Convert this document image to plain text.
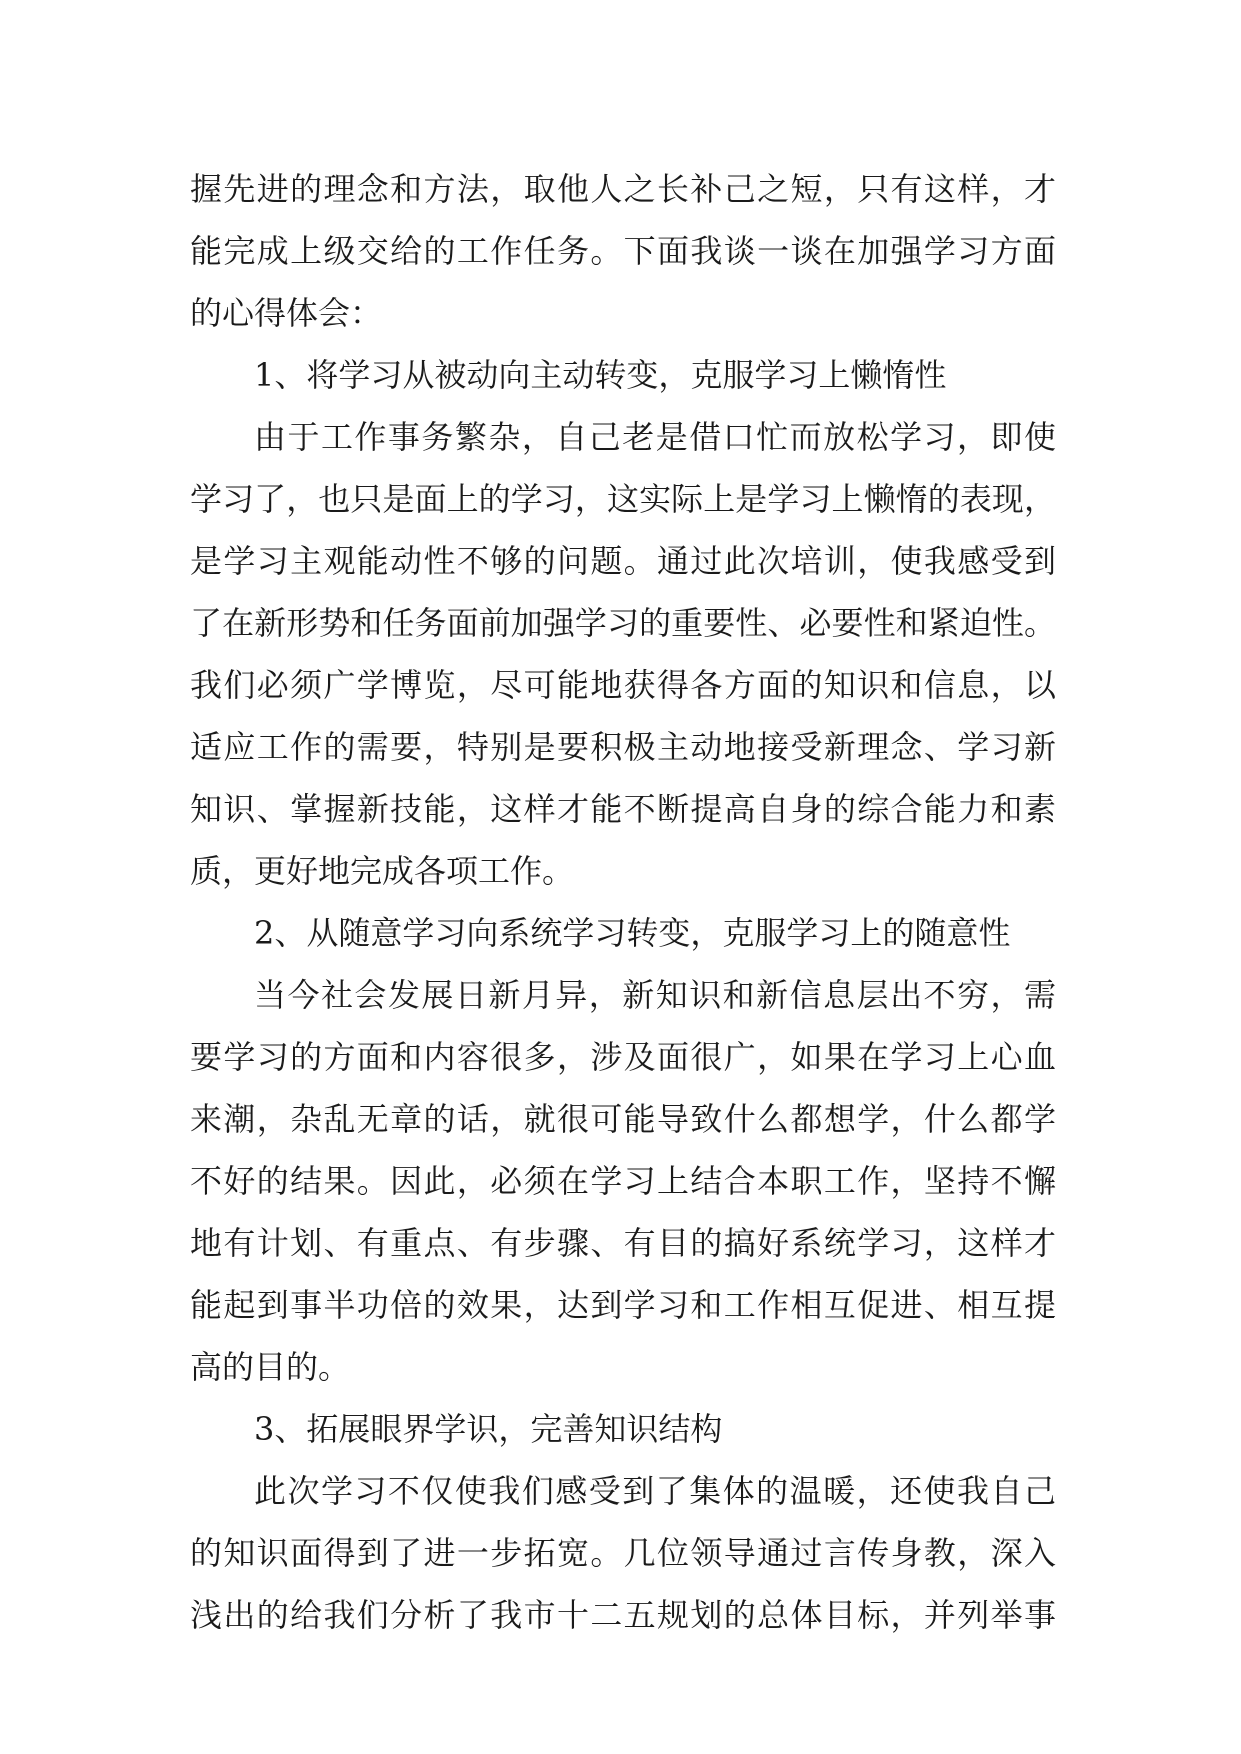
握先进的理念和方法，取他人之长补己之短，只有这样，才
能完成上级交给的工作任务。下面我谈一谈在加强学习方面
的心得体会：
1、将学习从被动向主动转变，克服学习上懒惰性
由于工作事务繁杂，自己老是借口忙而放松学习，即使
学习了，也只是面上的学习，这实际上是学习上懒惰的表现，
是学习主观能动性不够的问题。通过此次培训，使我感受到
了在新形势和任务面前加强学习的重要性、必要性和紧迫性。
我们必须广学博览，尽可能地获得各方面的知识和信息，以
适应工作的需要，特别是要积极主动地接受新理念、学习新
知识、掌握新技能，这样才能不断提高自身的综合能力和素
质，更好地完成各项工作。
2、从随意学习向系统学习转变，克服学习上的随意性
当今社会发展日新月异，新知识和新信息层出不穷，需
要学习的方面和内容很多，涉及面很广，如果在学习上心血
来潮，杂乱无章的话，就很可能导致什么都想学，什么都学
不好的结果。因此，必须在学习上结合本职工作，坚持不懈
地有计划、有重点、有步骤、有目的搞好系统学习，这样才
能起到事半功倍的效果，达到学习和工作相互促进、相互提
高的目的。
3、拓展眼界学识，完善知识结构
此次学习不仅使我们感受到了集体的温暖，还使我自己
的知识面得到了进一步拓宽。几位领导通过言传身教，深入
浅出的给我们分析了我市十二五规划的总体目标，并列举事
